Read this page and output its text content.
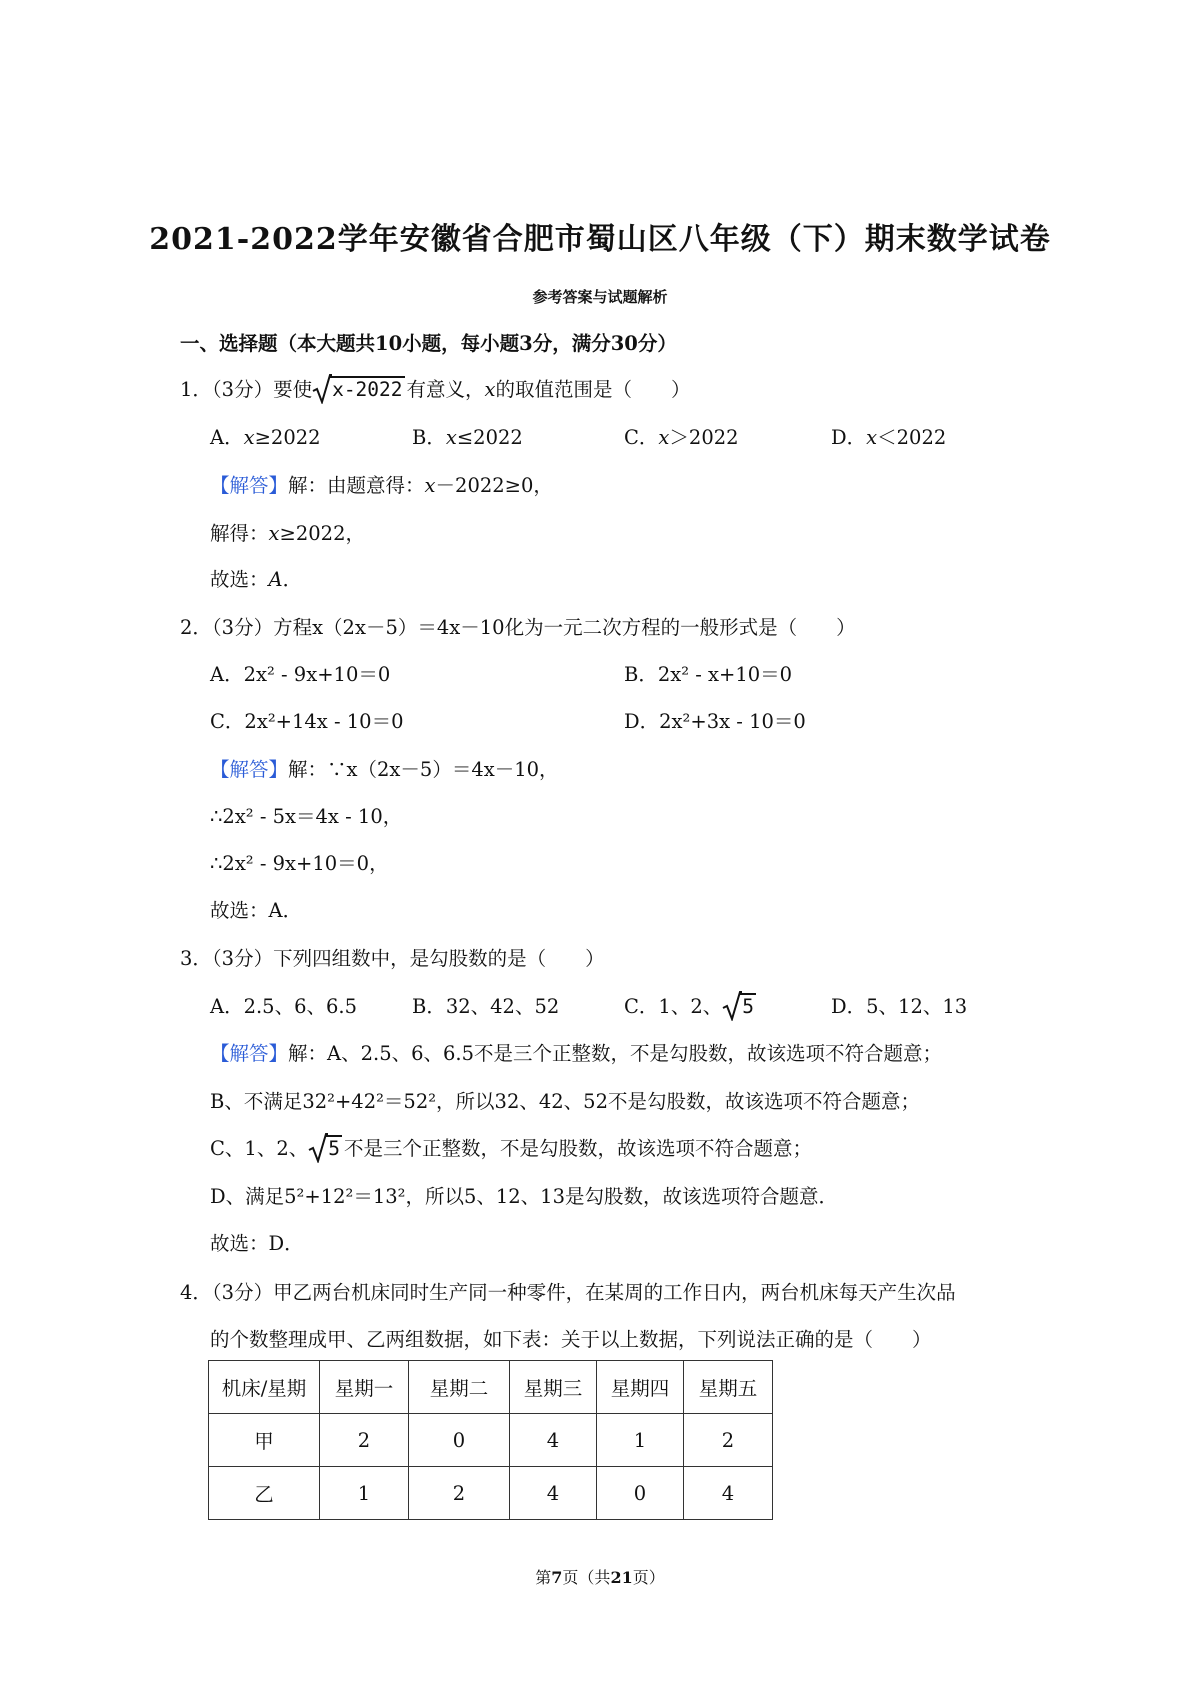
2021-2022学年安徽省合肥市蜀山区八年级（下）期末数学试卷
参考答案与试题解析
一、选择题（本大题共10小题，每小题3分，满分30分）
1．（3分）要使 x-2022 有意义，x的取值范围是（　　）
A．x≥2022	B．x≤2022	C．x＞2022	D．x＜2022
【解答】解：由题意得：x－2022≥0，
解得：x≥2022，
故选：A．
2．（3分）方程x（2x－5）＝4x－10化为一元二次方程的一般形式是（　　）
A．2x² - 9x+10＝0	B．2x² - x+10＝0
C．2x²+14x - 10＝0	D．2x²+3x - 10＝0
【解答】解：∵x（2x－5）＝4x－10，
∴2x² - 5x＝4x - 10，
∴2x² - 9x+10＝0，
故选：A．
3．（3分）下列四组数中，是勾股数的是（　　）
A．2.5、6、6.5	B．32、42、52	C．1、2、 5	D．5、12、13
【解答】解：A、2.5、6、6.5不是三个正整数，不是勾股数，故该选项不符合题意；
B、不满足32²+42²＝52²，所以32、42、52不是勾股数，故该选项不符合题意；
C、1、2、 5 不是三个正整数，不是勾股数，故该选项不符合题意；
D、满足5²+12²＝13²，所以5、12、13是勾股数，故该选项符合题意．
故选：D．
4．（3分）甲乙两台机床同时生产同一种零件，在某周的工作日内，两台机床每天产生次品
的个数整理成甲、乙两组数据，如下表：关于以上数据，下列说法正确的是（　　）
机床/星期	星期一	星期二	星期三	星期四	星期五
甲	2	0	4	1	2
乙	1	2	4	0	4
第7页（共21页）
